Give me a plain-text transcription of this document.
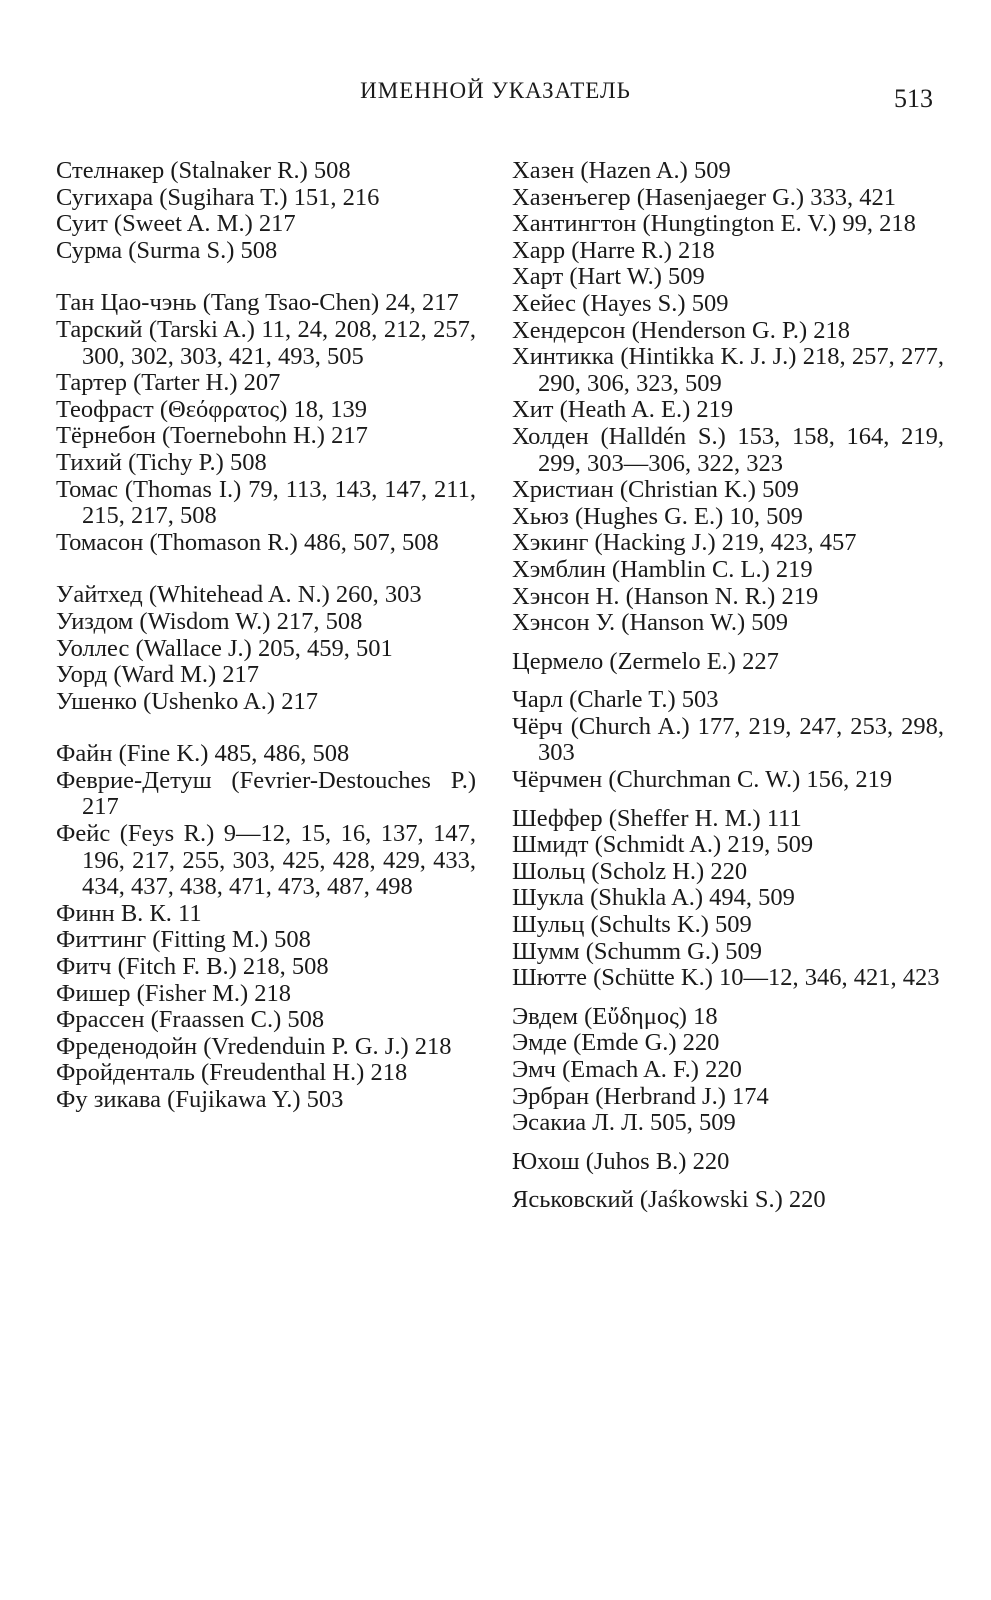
ИМЕННОЙ УКАЗАТЕЛЬ	513
Стелнакер (Stalnaker R.) 508
Сугихара (Sugihara T.) 151, 216
Суит (Sweet A. M.) 217
Сурма (Surma S.) 508
Тан Цао-чэнь (Tang Tsao-Chen) 24, 217
Тарский (Tarski A.) 11, 24, 208, 212, 257, 300, 302, 303, 421, 493, 505
Тартер (Tarter H.) 207
Теофраст (Θεόφρατος) 18, 139
Тёрнебон (Toernebohn H.) 217
Тихий (Tichy P.) 508
Томас (Thomas I.) 79, 113, 143, 147, 211, 215, 217, 508
Томасон (Thomason R.) 486, 507, 508
Уайтхед (Whitehead A. N.) 260, 303
Уиздом (Wisdom W.) 217, 508
Уоллес (Wallace J.) 205, 459, 501
Уорд (Ward M.) 217
Ушенко (Ushenko A.) 217
Файн (Fine K.) 485, 486, 508
Феврие-Детуш (Fevrier-Destouches P.) 217
Фейс (Feys R.) 9—12, 15, 16, 137, 147, 196, 217, 255, 303, 425, 428, 429, 433, 434, 437, 438, 471, 473, 487, 498
Финн В. К. 11
Фиттинг (Fitting M.) 508
Фитч (Fitch F. B.) 218, 508
Фишер (Fisher M.) 218
Фрассен (Fraassen C.) 508
Фреденодойн (Vredenduin P. G. J.) 218
Фройденталь (Freudenthal H.) 218
Фу зикава (Fujikawa Y.) 503
Хазен (Hazen A.) 509
Хазенъегер (Hasenjaeger G.) 333, 421
Хантингтон (Hungtington E. V.) 99, 218
Харр (Harre R.) 218
Харт (Hart W.) 509
Хейес (Hayes S.) 509
Хендерсон (Henderson G. P.) 218
Хинтикка (Hintikka K. J. J.) 218, 257, 277, 290, 306, 323, 509
Хит (Heath A. E.) 219
Холден (Halldén S.) 153, 158, 164, 219, 299, 303—306, 322, 323
Христиан (Christian K.) 509
Хьюз (Hughes G. E.) 10, 509
Хэкинг (Hacking J.) 219, 423, 457
Хэмблин (Hamblin C. L.) 219
Хэнсон Н. (Hanson N. R.) 219
Хэнсон У. (Hanson W.) 509
Цермело (Zermelo E.) 227
Чарл (Charle T.) 503
Чёрч (Church A.) 177, 219, 247, 253, 298, 303
Чёрчмен (Churchman C. W.) 156, 219
Шеффер (Sheffer H. M.) 111
Шмидт (Schmidt A.) 219, 509
Шольц (Scholz H.) 220
Шукла (Shukla A.) 494, 509
Шульц (Schults K.) 509
Шумм (Schumm G.) 509
Шютте (Schütte K.) 10—12, 346, 421, 423
Эвдем (Εὔδημος) 18
Эмде (Emde G.) 220
Эмч (Emach A. F.) 220
Эрбран (Herbrand J.) 174
Эсакиа Л. Л. 505, 509
Юхош (Juhos B.) 220
Яськовский (Jaśkowski S.) 220
